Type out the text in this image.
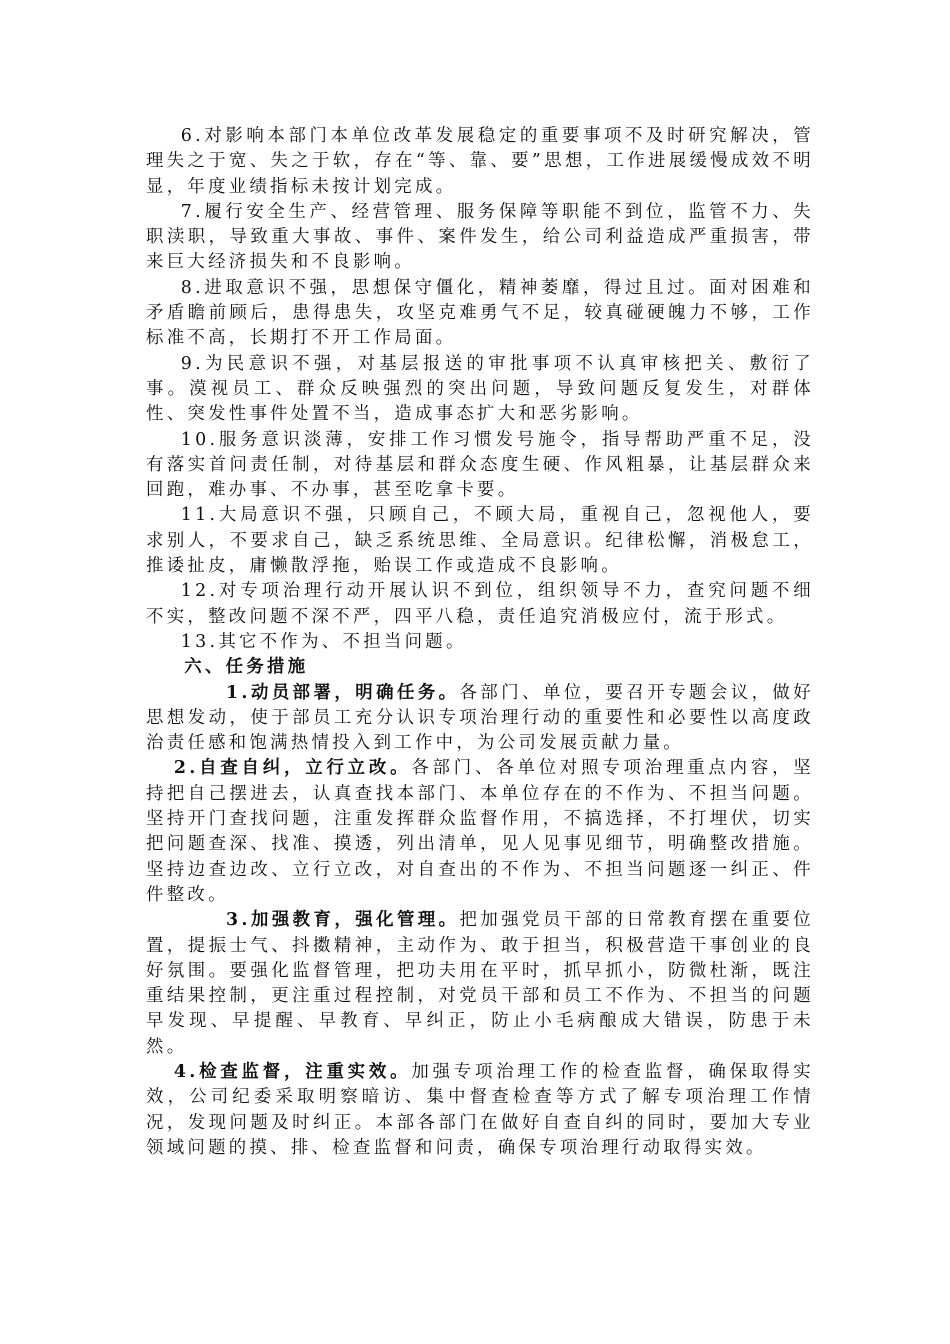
6.对影响本部门本单位改革发展稳定的重要事项不及时研究解决，管理失之于宽、失之于软，存在“等、靠、要”思想，工作进展缓慢成效不明显，年度业绩指标未按计划完成。

7.履行安全生产、经营管理、服务保障等职能不到位，监管不力、失职渎职，导致重大事故、事件、案件发生，给公司利益造成严重损害，带来巨大经济损失和不良影响。

8.进取意识不强，思想保守僵化，精神萎靡，得过且过。面对困难和矛盾瞻前顾后，患得患失，攻坚克难勇气不足，较真碰硬魄力不够，工作标准不高，长期打不开工作局面。

9.为民意识不强，对基层报送的审批事项不认真审核把关、敷衍了事。漠视员工、群众反映强烈的突出问题，导致问题反复发生，对群体性、突发性事件处置不当，造成事态扩大和恶劣影响。

10.服务意识淡薄，安排工作习惯发号施令，指导帮助严重不足，没有落实首问责任制，对待基层和群众态度生硬、作风粗暴，让基层群众来回跑，难办事、不办事，甚至吃拿卡要。

11.大局意识不强，只顾自己，不顾大局，重视自己，忽视他人，要求别人，不要求自己，缺乏系统思维、全局意识。纪律松懈，消极怠工，推诿扯皮，庸懒散浮拖，贻误工作或造成不良影响。

12.对专项治理行动开展认识不到位，组织领导不力，查究问题不细不实，整改问题不深不严，四平八稳，责任追究消极应付，流于形式。

13.其它不作为、不担当问题。

六、任务措施

1.动员部署，明确任务。各部门、单位，要召开专题会议，做好思想发动，使于部员工充分认识专项治理行动的重要性和必要性以高度政治责任感和饱满热情投入到工作中，为公司发展贡献力量。

2.自查自纠，立行立改。各部门、各单位对照专项治理重点内容，坚持把自己摆进去，认真查找本部门、本单位存在的不作为、不担当问题。坚持开门查找问题，注重发挥群众监督作用，不搞选择，不打埋伏，切实把问题查深、找准、摸透，列出清单，见人见事见细节，明确整改措施。坚持边查边改、立行立改，对自查出的不作为、不担当问题逐一纠正、件件整改。

3.加强教育，强化管理。把加强党员干部的日常教育摆在重要位置，提振士气、抖擞精神，主动作为、敢于担当，积极营造干事创业的良好氛围。要强化监督管理，把功夫用在平时，抓早抓小，防微杜渐，既注重结果控制，更注重过程控制，对党员干部和员工不作为、不担当的问题早发现、早提醒、早教育、早纠正，防止小毛病酿成大错误，防患于未然。

4.检查监督，注重实效。加强专项治理工作的检查监督，确保取得实效，公司纪委采取明察暗访、集中督查检查等方式了解专项治理工作情况，发现问题及时纠正。本部各部门在做好自查自纠的同时，要加大专业领域问题的摸、排、检查监督和问责，确保专项治理行动取得实效。
